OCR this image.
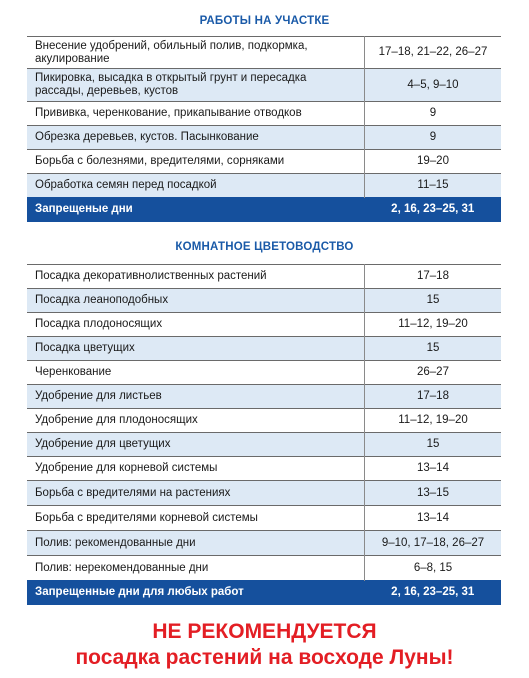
РАБОТЫ НА УЧАСТКЕ
Внесение удобрений, обильный полив, подкормка, акулирование	17–18, 21–22, 26–27
Пикировка, высадка в открытый грунт и пересадка рассады, деревьев, кустов	4–5, 9–10
Прививка, черенкование, прикапывание отводков	9
Обрезка деревьев, кустов. Пасынкование	9
Борьба с болезнями, вредителями, сорняками	19–20
Обработка семян перед посадкой	11–15
Запрещеные дни	2, 16, 23–25, 31
КОМНАТНОЕ ЦВЕТОВОДСТВО
Посадка декоративнолиственных растений	17–18
Посадка леаноподобных	15
Посадка плодоносящих	11–12, 19–20
Посадка цветущих	15
Черенкование	26–27
Удобрение для листьев	17–18
Удобрение для плодоносящих	11–12, 19–20
Удобрение для цветущих	15
Удобрение для корневой системы	13–14
Борьба с вредителями на растениях	13–15
Борьба с вредителями корневой системы	13–14
Полив: рекомендованные дни	9–10, 17–18, 26–27
Полив: нерекомендованные дни	6–8, 15
Запрещенные дни для любых работ	2, 16, 23–25, 31
НЕ РЕКОМЕНДУЕТСЯ
посадка растений на восходе Луны!
